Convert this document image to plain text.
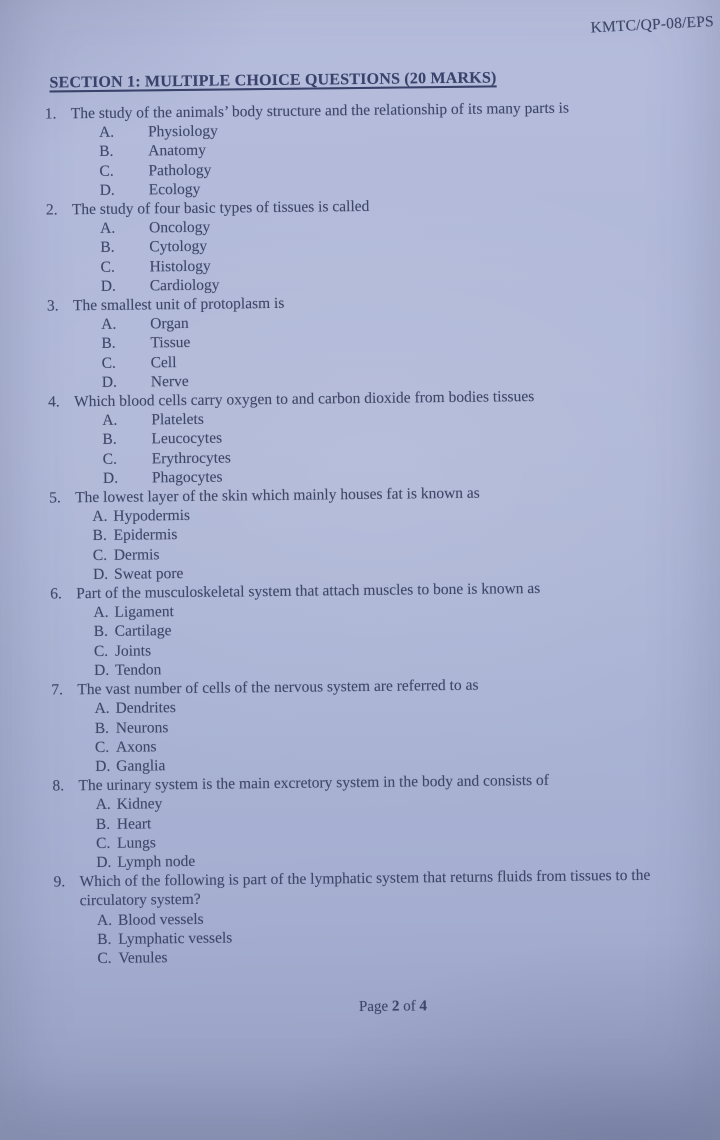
KMTC/QP-08/EPS
SECTION 1: MULTIPLE CHOICE QUESTIONS (20 MARKS)
1. The study of the animals’ body structure and the relationship of its many parts is
A.	Physiology
B.	Anatomy
C.	Pathology
D.	Ecology
2. The study of four basic types of tissues is called
A.	Oncology
B.	Cytology
C.	Histology
D.	Cardiology
3. The smallest unit of protoplasm is
A.	Organ
B.	Tissue
C.	Cell
D.	Nerve
4. Which blood cells carry oxygen to and carbon dioxide from bodies tissues
A.	Platelets
B.	Leucocytes
C.	Erythrocytes
D.	Phagocytes
5. The lowest layer of the skin which mainly houses fat is known as
A. Hypodermis
B. Epidermis
C. Dermis
D. Sweat pore
6. Part of the musculoskeletal system that attach muscles to bone is known as
A. Ligament
B. Cartilage
C. Joints
D. Tendon
7. The vast number of cells of the nervous system are referred to as
A. Dendrites
B. Neurons
C. Axons
D. Ganglia
8. The urinary system is the main excretory system in the body and consists of
A. Kidney
B. Heart
C. Lungs
D. Lymph node
9. Which of the following is part of the lymphatic system that returns fluids from tissues to the circulatory system?
A. Blood vessels
B. Lymphatic vessels
C. Venules
Page 2 of 4
